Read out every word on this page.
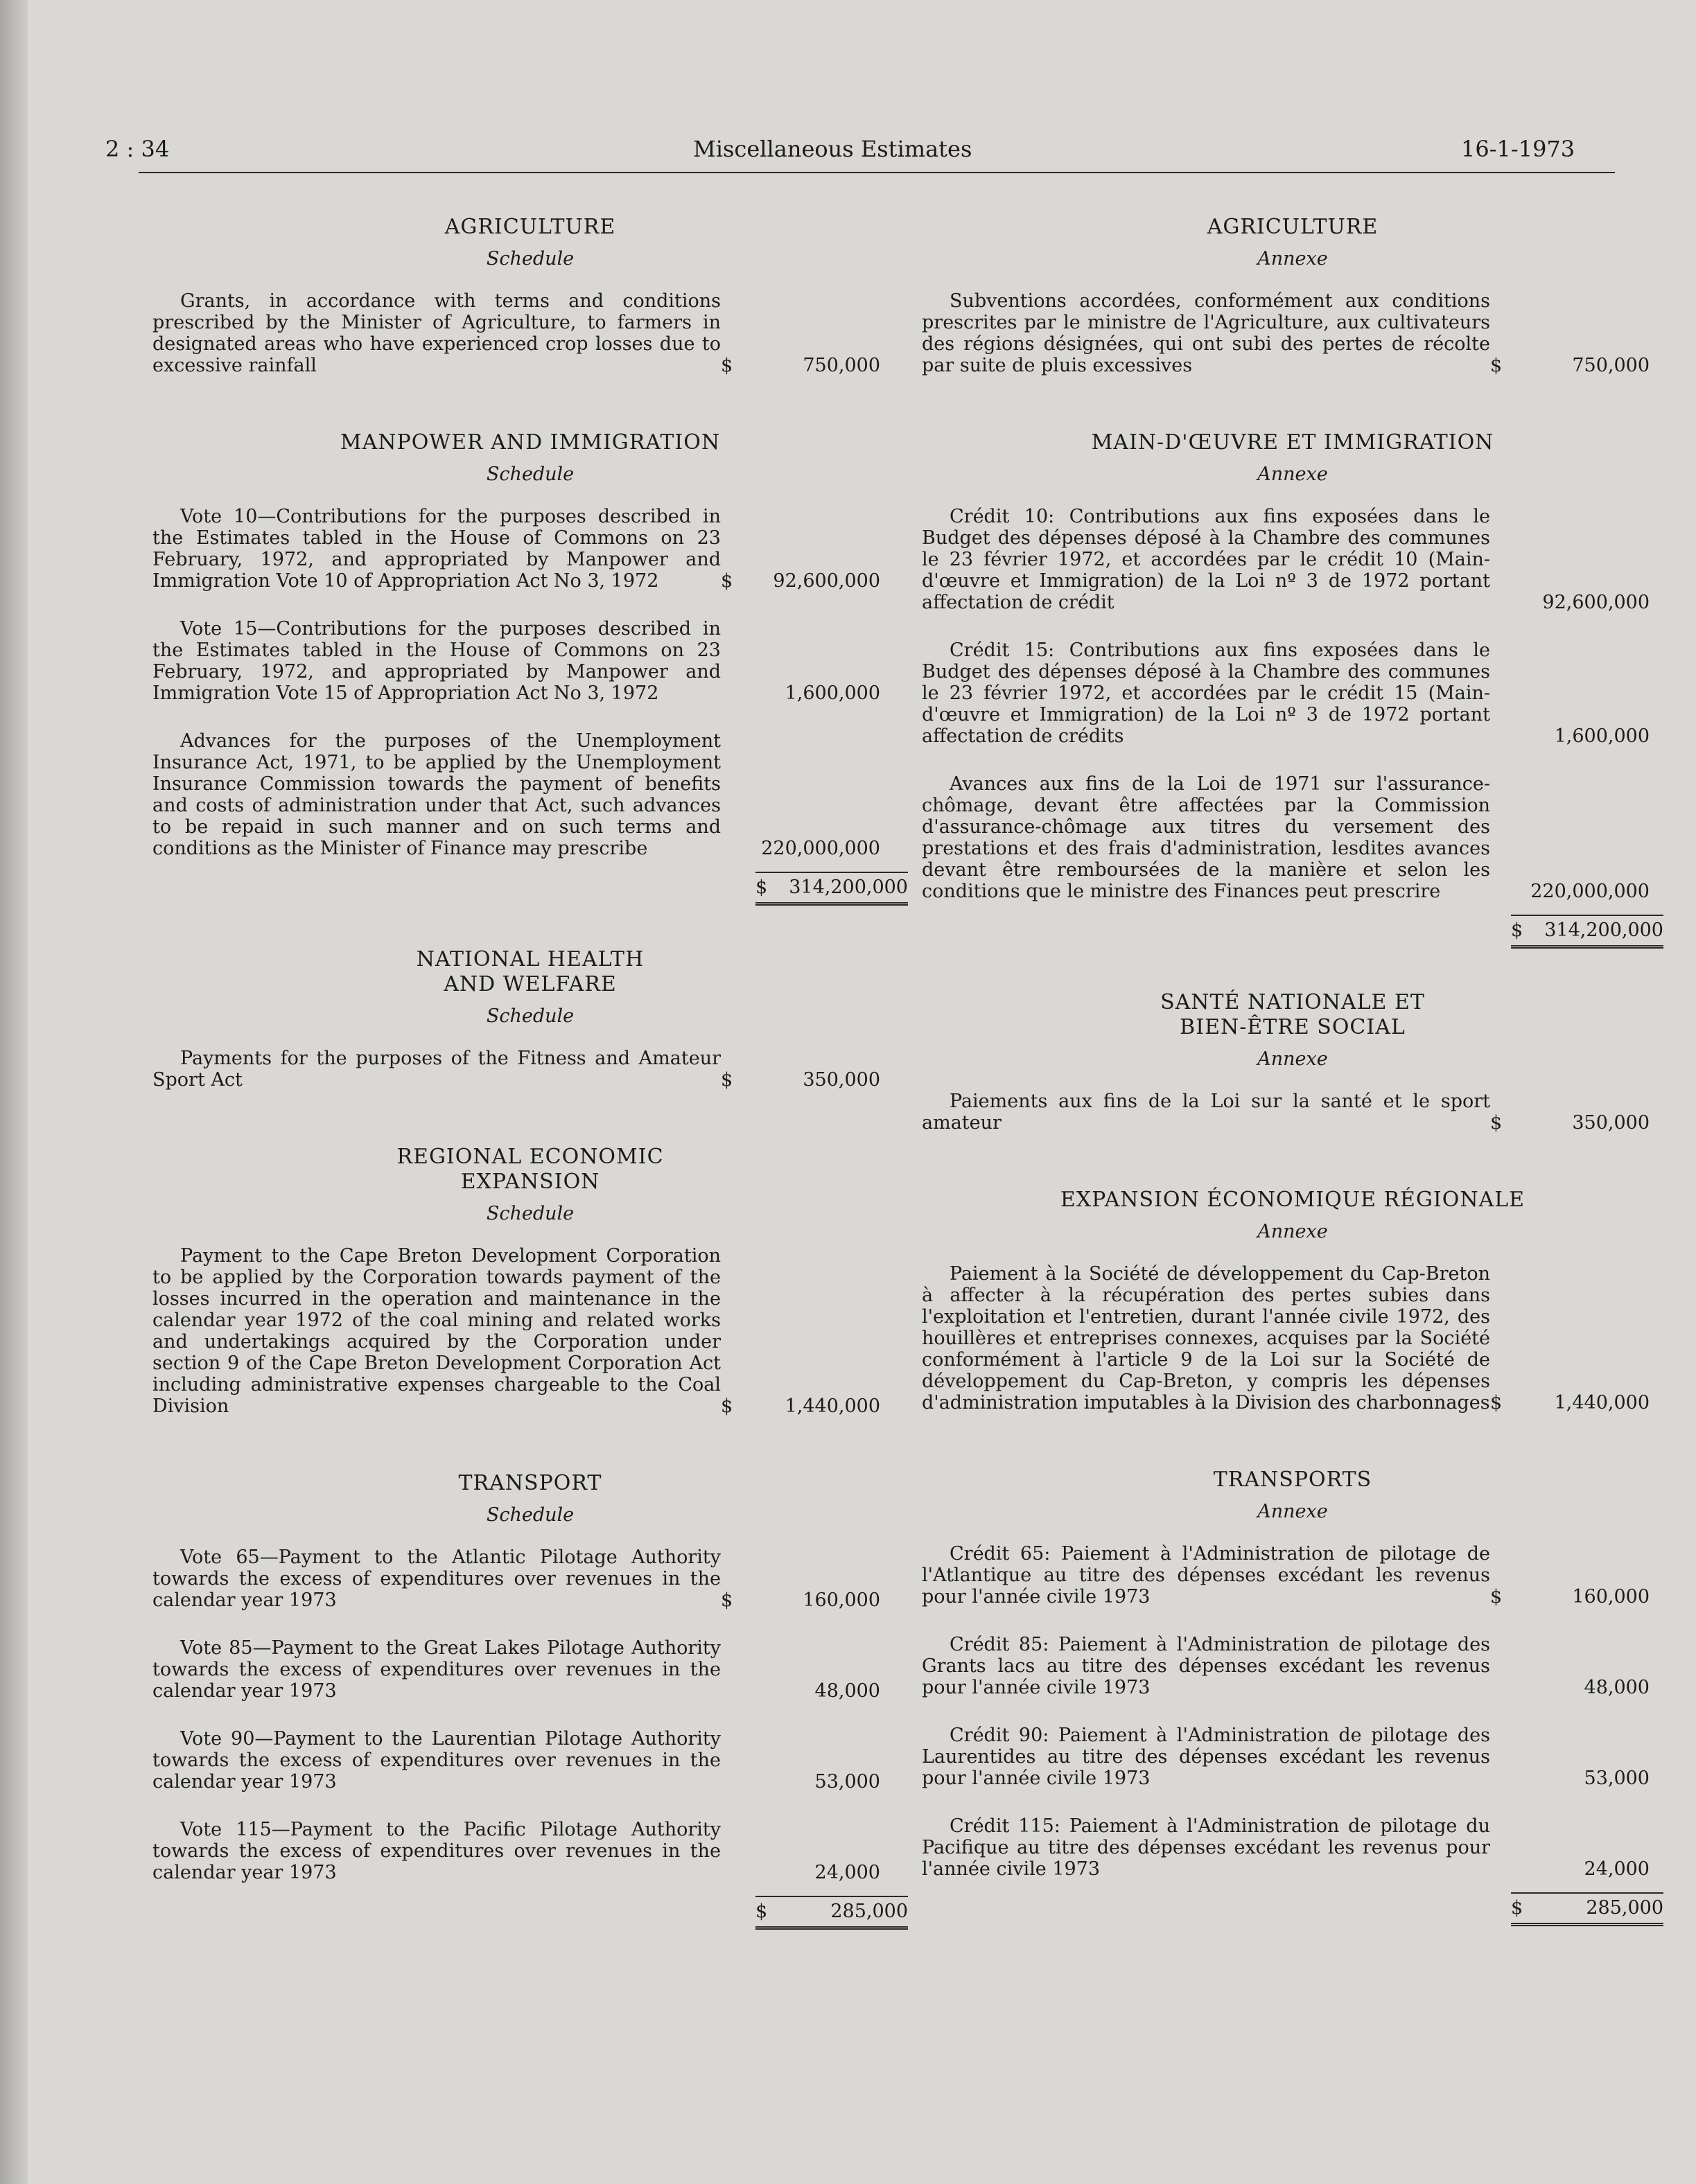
2 : 34	Miscellaneous Estimates	16-1-1973
AGRICULTURE
Schedule
Grants, in accordance with terms and conditions prescribed by the Minister of Agriculture, to farmers in designated areas who have experienced crop losses due to excessive rainfall	$	750,000
MANPOWER AND IMMIGRATION
Schedule
Vote 10—Contributions for the purposes described in the Estimates tabled in the House of Commons on 23 February, 1972, and appropriated by Manpower and Immigration Vote 10 of Appropriation Act No 3, 1972	$	92,600,000
Vote 15—Contributions for the purposes described in the Estimates tabled in the House of Commons on 23 February, 1972, and appropriated by Manpower and Immigration Vote 15 of Appropriation Act No 3, 1972	1,600,000
Advances for the purposes of the Unemployment Insurance Act, 1971, to be applied by the Unemployment Insurance Commission towards the payment of benefits and costs of administration under that Act, such advances to be repaid in such manner and on such terms and conditions as the Minister of Finance may prescribe	220,000,000
$ 314,200,000
NATIONAL HEALTH
AND WELFARE
Schedule
Payments for the purposes of the Fitness and Amateur Sport Act	$	350,000
REGIONAL ECONOMIC
EXPANSION
Schedule
Payment to the Cape Breton Development Corporation to be applied by the Corporation towards payment of the losses incurred in the operation and maintenance in the calendar year 1972 of the coal mining and related works and undertakings acquired by the Corporation under section 9 of the Cape Breton Development Corporation Act including administrative expenses chargeable to the Coal Division	$	1,440,000
TRANSPORT
Schedule
Vote 65—Payment to the Atlantic Pilotage Authority towards the excess of expenditures over revenues in the calendar year 1973	$	160,000
Vote 85—Payment to the Great Lakes Pilotage Authority towards the excess of expenditures over revenues in the calendar year 1973	48,000
Vote 90—Payment to the Laurentian Pilotage Authority towards the excess of expenditures over revenues in the calendar year 1973	53,000
Vote 115—Payment to the Pacific Pilotage Authority towards the excess of expenditures over revenues in the calendar year 1973	24,000
$	285,000
AGRICULTURE
Annexe
Subventions accordées, conformément aux conditions prescrites par le ministre de l'Agriculture, aux cultivateurs des régions désignées, qui ont subi des pertes de récolte par suite de pluis excessives	$	750,000
MAIN-D'ŒUVRE ET IMMIGRATION
Annexe
Crédit 10: Contributions aux fins exposées dans le Budget des dépenses déposé à la Chambre des communes le 23 février 1972, et accordées par le crédit 10 (Main-d'œuvre et Immigration) de la Loi nº 3 de 1972 portant affectation de crédit	92,600,000
Crédit 15: Contributions aux fins exposées dans le Budget des dépenses déposé à la Chambre des communes le 23 février 1972, et accordées par le crédit 15 (Main-d'œuvre et Immigration) de la Loi nº 3 de 1972 portant affectation de crédits	1,600,000
Avances aux fins de la Loi de 1971 sur l'assurance-chômage, devant être affectées par la Commission d'assurance-chômage aux titres du versement des prestations et des frais d'administration, lesdites avances devant être remboursées de la manière et selon les conditions que le ministre des Finances peut prescrire	220,000,000
$ 314,200,000
SANTÉ NATIONALE ET
BIEN-ÊTRE SOCIAL
Annexe
Paiements aux fins de la Loi sur la santé et le sport amateur	$	350,000
EXPANSION ÉCONOMIQUE RÉGIONALE
Annexe
Paiement à la Société de développement du Cap-Breton à affecter à la récupération des pertes subies dans l'exploitation et l'entretien, durant l'année civile 1972, des houillères et entreprises connexes, acquises par la Société conformément à l'article 9 de la Loi sur la Société de développement du Cap-Breton, y compris les dépenses d'administration imputables à la Division des charbonnages $	1,440,000
TRANSPORTS
Annexe
Crédit 65: Paiement à l'Administration de pilotage de l'Atlantique au titre des dépenses excédant les revenus pour l'année civile 1973	$	160,000
Crédit 85: Paiement à l'Administration de pilotage des Grants lacs au titre des dépenses excédant les revenus pour l'année civile 1973	48,000
Crédit 90: Paiement à l'Administration de pilotage des Laurentides au titre des dépenses excédant les revenus pour l'année civile 1973	53,000
Crédit 115: Paiement à l'Administration de pilotage du Pacifique au titre des dépenses excédant les revenus pour l'année civile 1973	24,000
$	285,000
